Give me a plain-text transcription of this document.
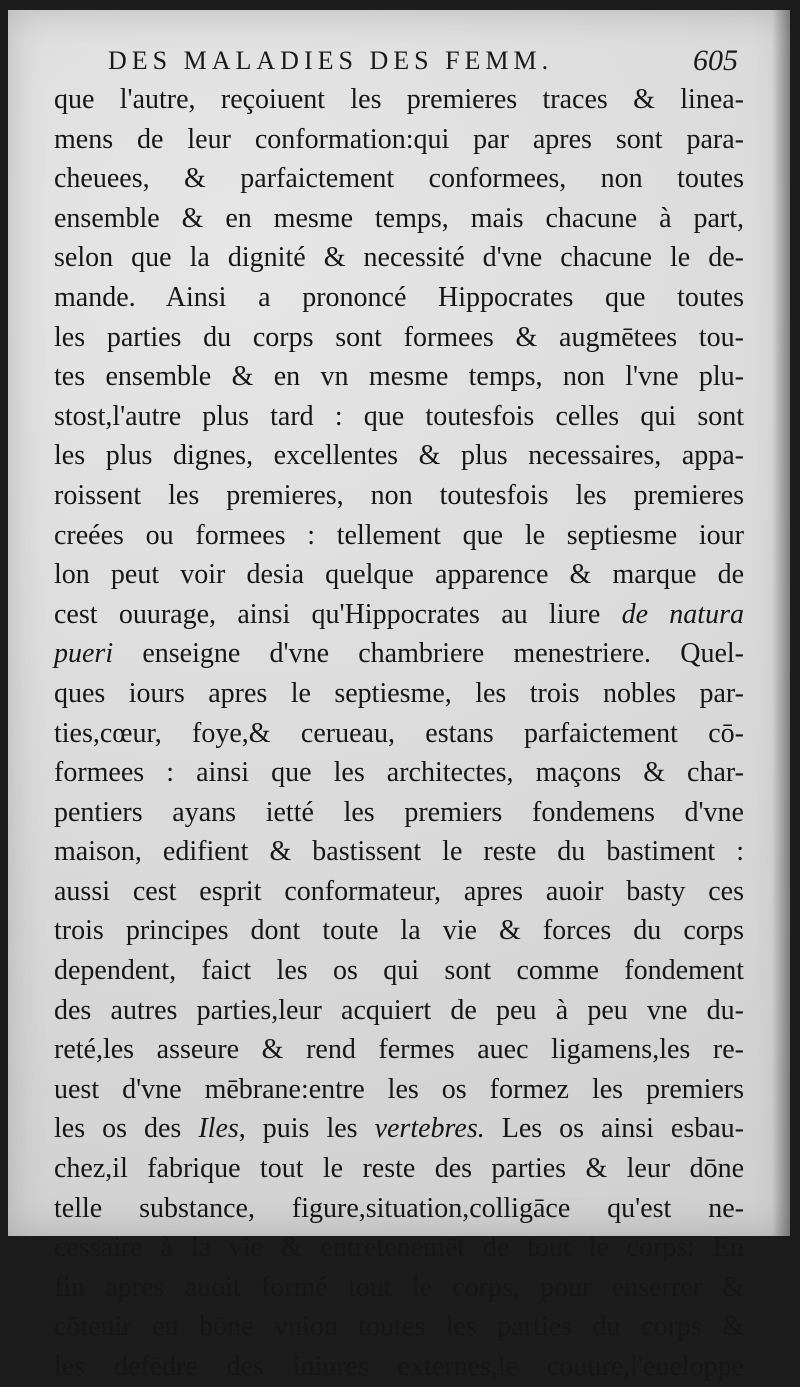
DES MALADIES DES FEMM.	605
que l'autre, reçoiuent les premieres traces & linea-
mens de leur conformation:qui par apres sont para-
cheuees, & parfaictement conformees, non toutes
ensemble & en mesme temps, mais chacune à part,
selon que la dignité & necessité d'vne chacune le de-
mande. Ainsi a prononcé Hippocrates que toutes
les parties du corps sont formees & augmētees tou-
tes ensemble & en vn mesme temps, non l'vne plu-
stost,l'autre plus tard : que toutesfois celles qui sont
les plus dignes, excellentes & plus necessaires, appa-
roissent les premieres, non toutesfois les premieres
creées ou formees : tellement que le septiesme iour
lon peut voir desia quelque apparence & marque de
cest ouurage, ainsi qu'Hippocrates au liure de natura
pueri enseigne d'vne chambriere menestriere. Quel-
ques iours apres le septiesme, les trois nobles par-
ties,cœur, foye,& cerueau, estans parfaictement cō-
formees : ainsi que les architectes, maçons & char-
pentiers ayans ietté les premiers fondemens d'vne
maison, edifient & bastissent le reste du bastiment :
aussi cest esprit conformateur, apres auoir basty ces
trois principes dont toute la vie & forces du corps
dependent, faict les os qui sont comme fondement
des autres parties,leur acquiert de peu à peu vne du-
reté,les asseure & rend fermes auec ligamens,les re-
uest d'vne mēbrane:entre les os formez les premiers
les os des Iles, puis les vertebres. Les os ainsi esbau-
chez,il fabrique tout le reste des parties & leur dōne
telle substance, figure,situation,colligāce qu'est ne-
cessaire à la vie & entretenemēt de tout le corps: En
fin apres auoit formé tout le corps, pour enserrer &
cōtenir en bōne vnion toutes les parties du corps &
les defēdre des iniures externes,le couure,l'eueloppe
